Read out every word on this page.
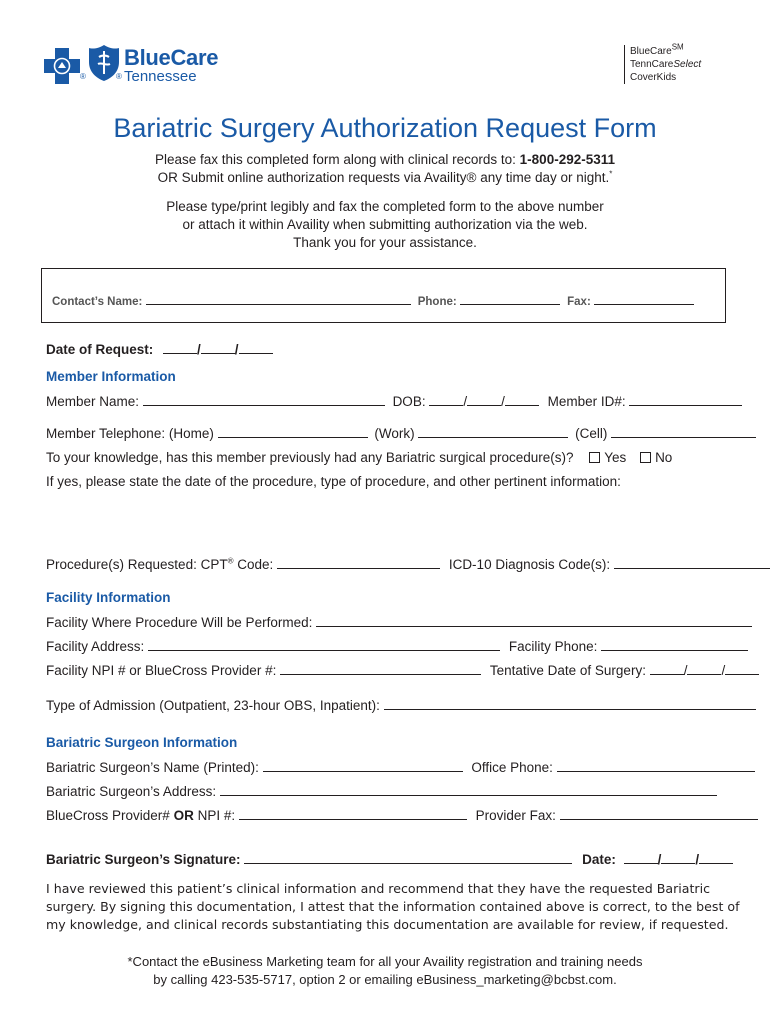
®	®
BlueCare
Tennessee
BlueCare℠
TennCareSelect
CoverKids
Bariatric Surgery Authorization Request Form
Please fax this completed form along with clinical records to: 1-800-292-5311
OR Submit online authorization requests via Availity® any time day or night.*
Please type/print legibly and fax the completed form to the above number
or attach it within Availity when submitting authorization via the web.
Thank you for your assistance.
Contact’s Name:	Phone:	Fax:
Date of Request:	/	/
Member Information
Member Name:	DOB:	/	/	Member ID#:
Member Telephone: (Home)	(Work)	(Cell)
To your knowledge, has this member previously had any Bariatric surgical procedure(s)? Yes No
If yes, please state the date of the procedure, type of procedure, and other pertinent information:
Procedure(s) Requested: CPT® Code:	ICD-10 Diagnosis Code(s):
Facility Information
Facility Where Procedure Will be Performed:
Facility Address:	Facility Phone:
Facility NPI # or BlueCross Provider #:	Tentative Date of Surgery:	/	/
Type of Admission (Outpatient, 23-hour OBS, Inpatient):
Bariatric Surgeon Information
Bariatric Surgeon’s Name (Printed):	Office Phone:
Bariatric Surgeon’s Address:
BlueCross Provider# OR NPI #:	Provider Fax:
Bariatric Surgeon’s Signature:	Date:	/	/
I have reviewed this patient’s clinical information and recommend that they have the requested Bariatric
surgery. By signing this documentation, I attest that the information contained above is correct, to the best of
my knowledge, and clinical records substantiating this documentation are available for review, if requested.
*Contact the eBusiness Marketing team for all your Availity registration and training needs
by calling 423-535-5717, option 2 or emailing eBusiness_marketing@bcbst.com.
